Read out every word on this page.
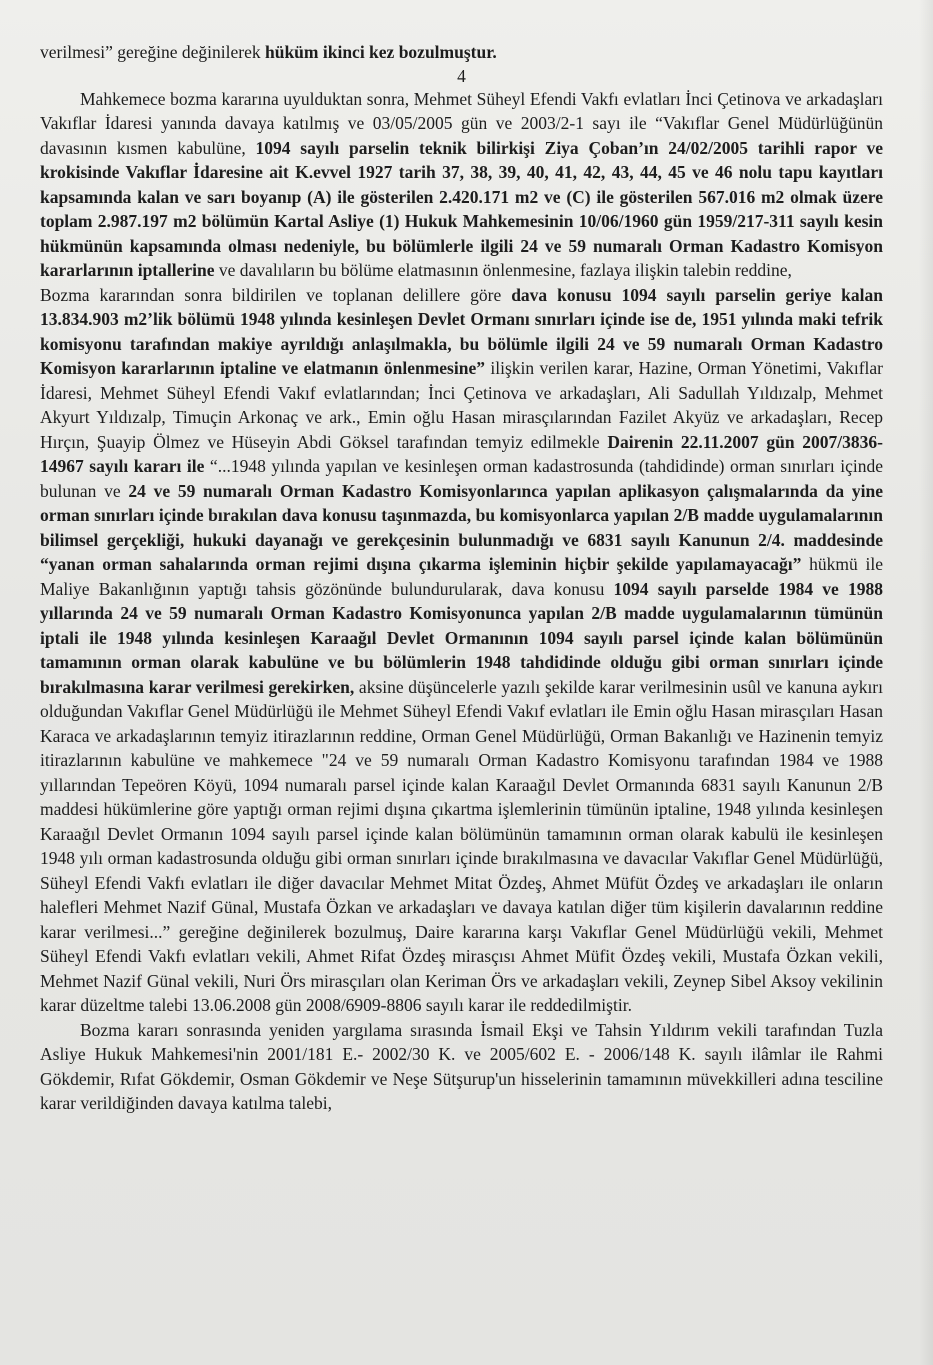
verilmesi” gereğine değinilerek hüküm ikinci kez bozulmuştur.

4

Mahkemece bozma kararına uyulduktan sonra, Mehmet Süheyl Efendi Vakfı evlatları İnci Çetinova ve arkadaşları Vakıflar İdaresi yanında davaya katılmış ve 03/05/2005 gün ve 2003/2-1 sayı ile “Vakıflar Genel Müdürlüğünün davasının kısmen kabulüne, 1094 sayılı parselin teknik bilirkişi Ziya Çoban’ın 24/02/2005 tarihli rapor ve krokisinde Vakıflar İdaresine ait K.evvel 1927 tarih 37, 38, 39, 40, 41, 42, 43, 44, 45 ve 46 nolu tapu kayıtları kapsamında kalan ve sarı boyanıp (A) ile gösterilen 2.420.171 m2 ve (C) ile gösterilen 567.016 m2 olmak üzere toplam 2.987.197 m2 bölümün Kartal Asliye (1) Hukuk Mahkemesinin 10/06/1960 gün 1959/217-311 sayılı kesin hükmünün kapsamında olması nedeniyle, bu bölümlerle ilgili 24 ve 59 numaralı Orman Kadastro Komisyon kararlarının iptallerine ve davalıların bu bölüme elatmasının önlenmesine, fazlaya ilişkin talebin reddine,

Bozma kararından sonra bildirilen ve toplanan delillere göre dava konusu 1094 sayılı parselin geriye kalan 13.834.903 m2’lik bölümü 1948 yılında kesinleşen Devlet Ormanı sınırları içinde ise de, 1951 yılında maki tefrik komisyonu tarafından makiye ayrıldığı anlaşılmakla, bu bölümle ilgili 24 ve 59 numaralı Orman Kadastro Komisyon kararlarının iptaline ve elatmanın önlenmesine” ilişkin verilen karar, Hazine, Orman Yönetimi, Vakıflar İdaresi, Mehmet Süheyl Efendi Vakıf evlatlarından; İnci Çetinova ve arkadaşları, Ali Sadullah Yıldızalp, Mehmet Akyurt Yıldızalp, Timuçin Arkonaç ve ark., Emin oğlu Hasan mirasçılarından Fazilet Akyüz ve arkadaşları, Recep Hırçın, Şuayip Ölmez ve Hüseyin Abdi Göksel tarafından temyiz edilmekle Dairenin 22.11.2007 gün 2007/3836-14967 sayılı kararı ile “...1948 yılında yapılan ve kesinleşen orman kadastrosunda (tahdidinde) orman sınırları içinde bulunan ve 24 ve 59 numaralı Orman Kadastro Komisyonlarınca yapılan aplikasyon çalışmalarında da yine orman sınırları içinde bırakılan dava konusu taşınmazda, bu komisyonlarca yapılan 2/B madde uygulamalarının bilimsel gerçekliği, hukuki dayanağı ve gerekçesinin bulunmadığı ve 6831 sayılı Kanunun 2/4. maddesinde “yanan orman sahalarında orman rejimi dışına çıkarma işleminin hiçbir şekilde yapılamayacağı” hükmü ile Maliye Bakanlığının yaptığı tahsis gözönünde bulundurularak, dava konusu 1094 sayılı parselde 1984 ve 1988 yıllarında 24 ve 59 numaralı Orman Kadastro Komisyonunca yapılan 2/B madde uygulamalarının tümünün iptali ile 1948 yılında kesinleşen Karaağıl Devlet Ormanının 1094 sayılı parsel içinde kalan bölümünün tamamının orman olarak kabulüne ve bu bölümlerin 1948 tahdidinde olduğu gibi orman sınırları içinde bırakılmasına karar verilmesi gerekirken, aksine düşüncelerle yazılı şekilde karar verilmesinin usûl ve kanuna aykırı olduğundan Vakıflar Genel Müdürlüğü ile Mehmet Süheyl Efendi Vakıf evlatları ile Emin oğlu Hasan mirasçıları Hasan Karaca ve arkadaşlarının temyiz itirazlarının reddine, Orman Genel Müdürlüğü, Orman Bakanlığı ve Hazinenin temyiz itirazlarının kabulüne ve mahkemece "24 ve 59 numaralı Orman Kadastro Komisyonu tarafından 1984 ve 1988 yıllarından Tepeören Köyü, 1094 numaralı parsel içinde kalan Karaağıl Devlet Ormanında 6831 sayılı Kanunun 2/B maddesi hükümlerine göre yaptığı orman rejimi dışına çıkartma işlemlerinin tümünün iptaline, 1948 yılında kesinleşen Karaağıl Devlet Ormanın 1094 sayılı parsel içinde kalan bölümünün tamamının orman olarak kabulü ile kesinleşen 1948 yılı orman kadastrosunda olduğu gibi orman sınırları içinde bırakılmasına ve davacılar Vakıflar Genel Müdürlüğü, Süheyl Efendi Vakfı evlatları ile diğer davacılar Mehmet Mitat Özdeş, Ahmet Müfüt Özdeş ve arkadaşları ile onların halefleri Mehmet Nazif Günal, Mustafa Özkan ve arkadaşları ve davaya katılan diğer tüm kişilerin davalarının reddine karar verilmesi...” gereğine değinilerek bozulmuş, Daire kararına karşı Vakıflar Genel Müdürlüğü vekili, Mehmet Süheyl Efendi Vakfı evlatları vekili, Ahmet Rifat Özdeş mirasçısı Ahmet Müfit Özdeş vekili, Mustafa Özkan vekili, Mehmet Nazif Günal vekili, Nuri Örs mirasçıları olan Keriman Örs ve arkadaşları vekili, Zeynep Sibel Aksoy vekilinin karar düzeltme talebi 13.06.2008 gün 2008/6909-8806 sayılı karar ile reddedilmiştir.

Bozma kararı sonrasında yeniden yargılama sırasında İsmail Ekşi ve Tahsin Yıldırım vekili tarafından Tuzla Asliye Hukuk Mahkemesi'nin 2001/181 E.- 2002/30 K. ve 2005/602 E. - 2006/148 K. sayılı ilâmlar ile Rahmi Gökdemir, Rıfat Gökdemir, Osman Gökdemir ve Neşe Sütşurup'un hisselerinin tamamının müvekkilleri adına tesciline karar verildiğinden davaya katılma talebi,
